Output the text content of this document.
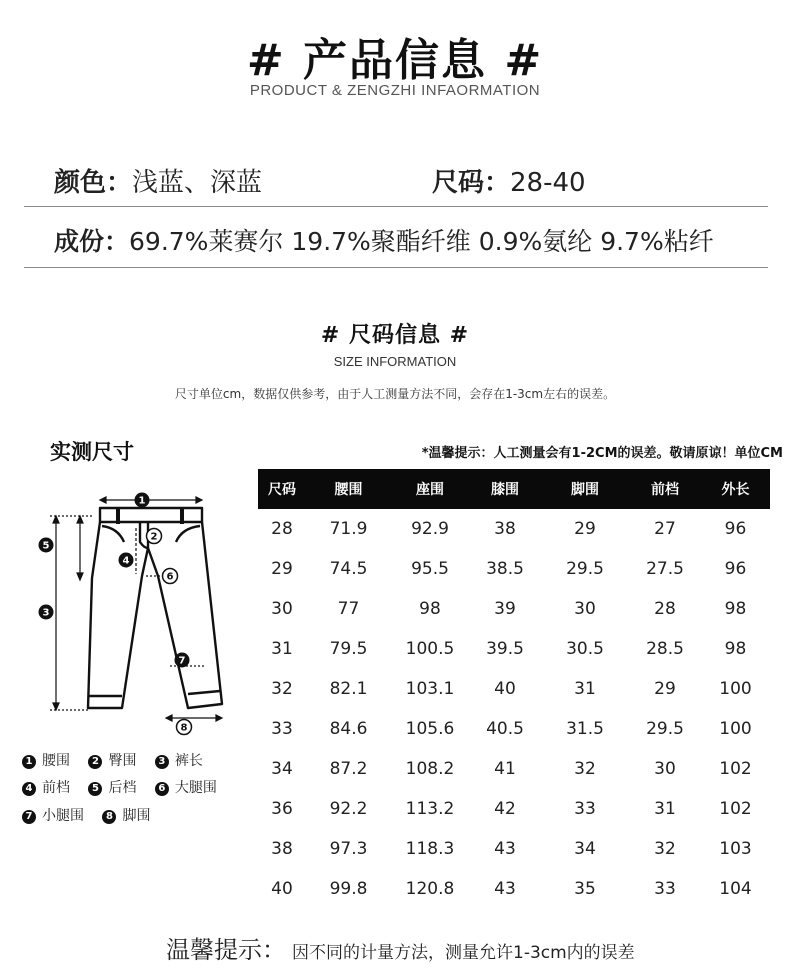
# 产品信息 #
PRODUCT & ZENGZHI INFAORMATION
颜色：浅蓝、深蓝	尺码：28-40
成份：69.7%莱赛尔 19.7%聚酯纤维 0.9%氨纶 9.7%粘纤
# 尺码信息 #
SIZE INFORMATION
尺寸单位cm，数据仅供参考，由于人工测量方法不同，会存在1-3cm左右的误差。
实测尺寸	*温馨提示：人工测量会有1-2CM的误差。敬请原谅！单位CM
1
2
3
4
5
6
7
8
1 腰围 2 臀围 3 裤长
4 前档 5 后档 6 大腿围
7 小腿围 8 脚围
尺码	腰围	座围	膝围	脚围	前档	外长
28	71.9	92.9	38	29	27	96
29	74.5	95.5	38.5	29.5	27.5	96
30	77	98	39	30	28	98
31	79.5	100.5	39.5	30.5	28.5	98
32	82.1	103.1	40	31	29	100
33	84.6	105.6	40.5	31.5	29.5	100
34	87.2	108.2	41	32	30	102
36	92.2	113.2	42	33	31	102
38	97.3	118.3	43	34	32	103
40	99.8	120.8	43	35	33	104
温馨提示： 因不同的计量方法，测量允许1-3cm内的误差
